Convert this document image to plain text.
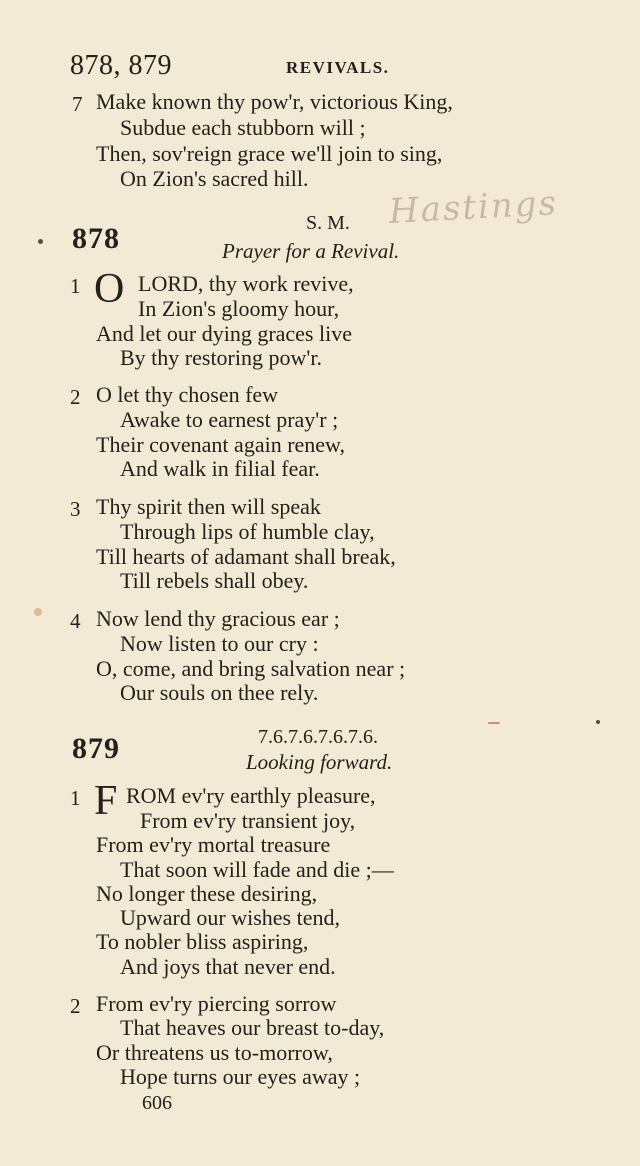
878, 879	REVIVALS.
7 Make known thy pow'r, victorious King,
Subdue each stubborn will ;
Then, sov'reign grace we'll join to sing,
On Zion's sacred hill.
878	S. M. Hastings
Prayer for a Revival.
1 O LORD, thy work revive,
In Zion's gloomy hour,
And let our dying graces live
By thy restoring pow'r.
2 O let thy chosen few
Awake to earnest pray'r ;
Their covenant again renew,
And walk in filial fear.
3 Thy spirit then will speak
Through lips of humble clay,
Till hearts of adamant shall break,
Till rebels shall obey.
4 Now lend thy gracious ear ;
Now listen to our cry :
O, come, and bring salvation near ;
Our souls on thee rely.
879	7.6.7.6.7.6.7.6.
Looking forward.
1 F ROM ev'ry earthly pleasure,
From ev'ry transient joy,
From ev'ry mortal treasure
That soon will fade and die ;—
No longer these desiring,
Upward our wishes tend,
To nobler bliss aspiring,
And joys that never end.
2 From ev'ry piercing sorrow
That heaves our breast to-day,
Or threatens us to-morrow,
Hope turns our eyes away ;
606
